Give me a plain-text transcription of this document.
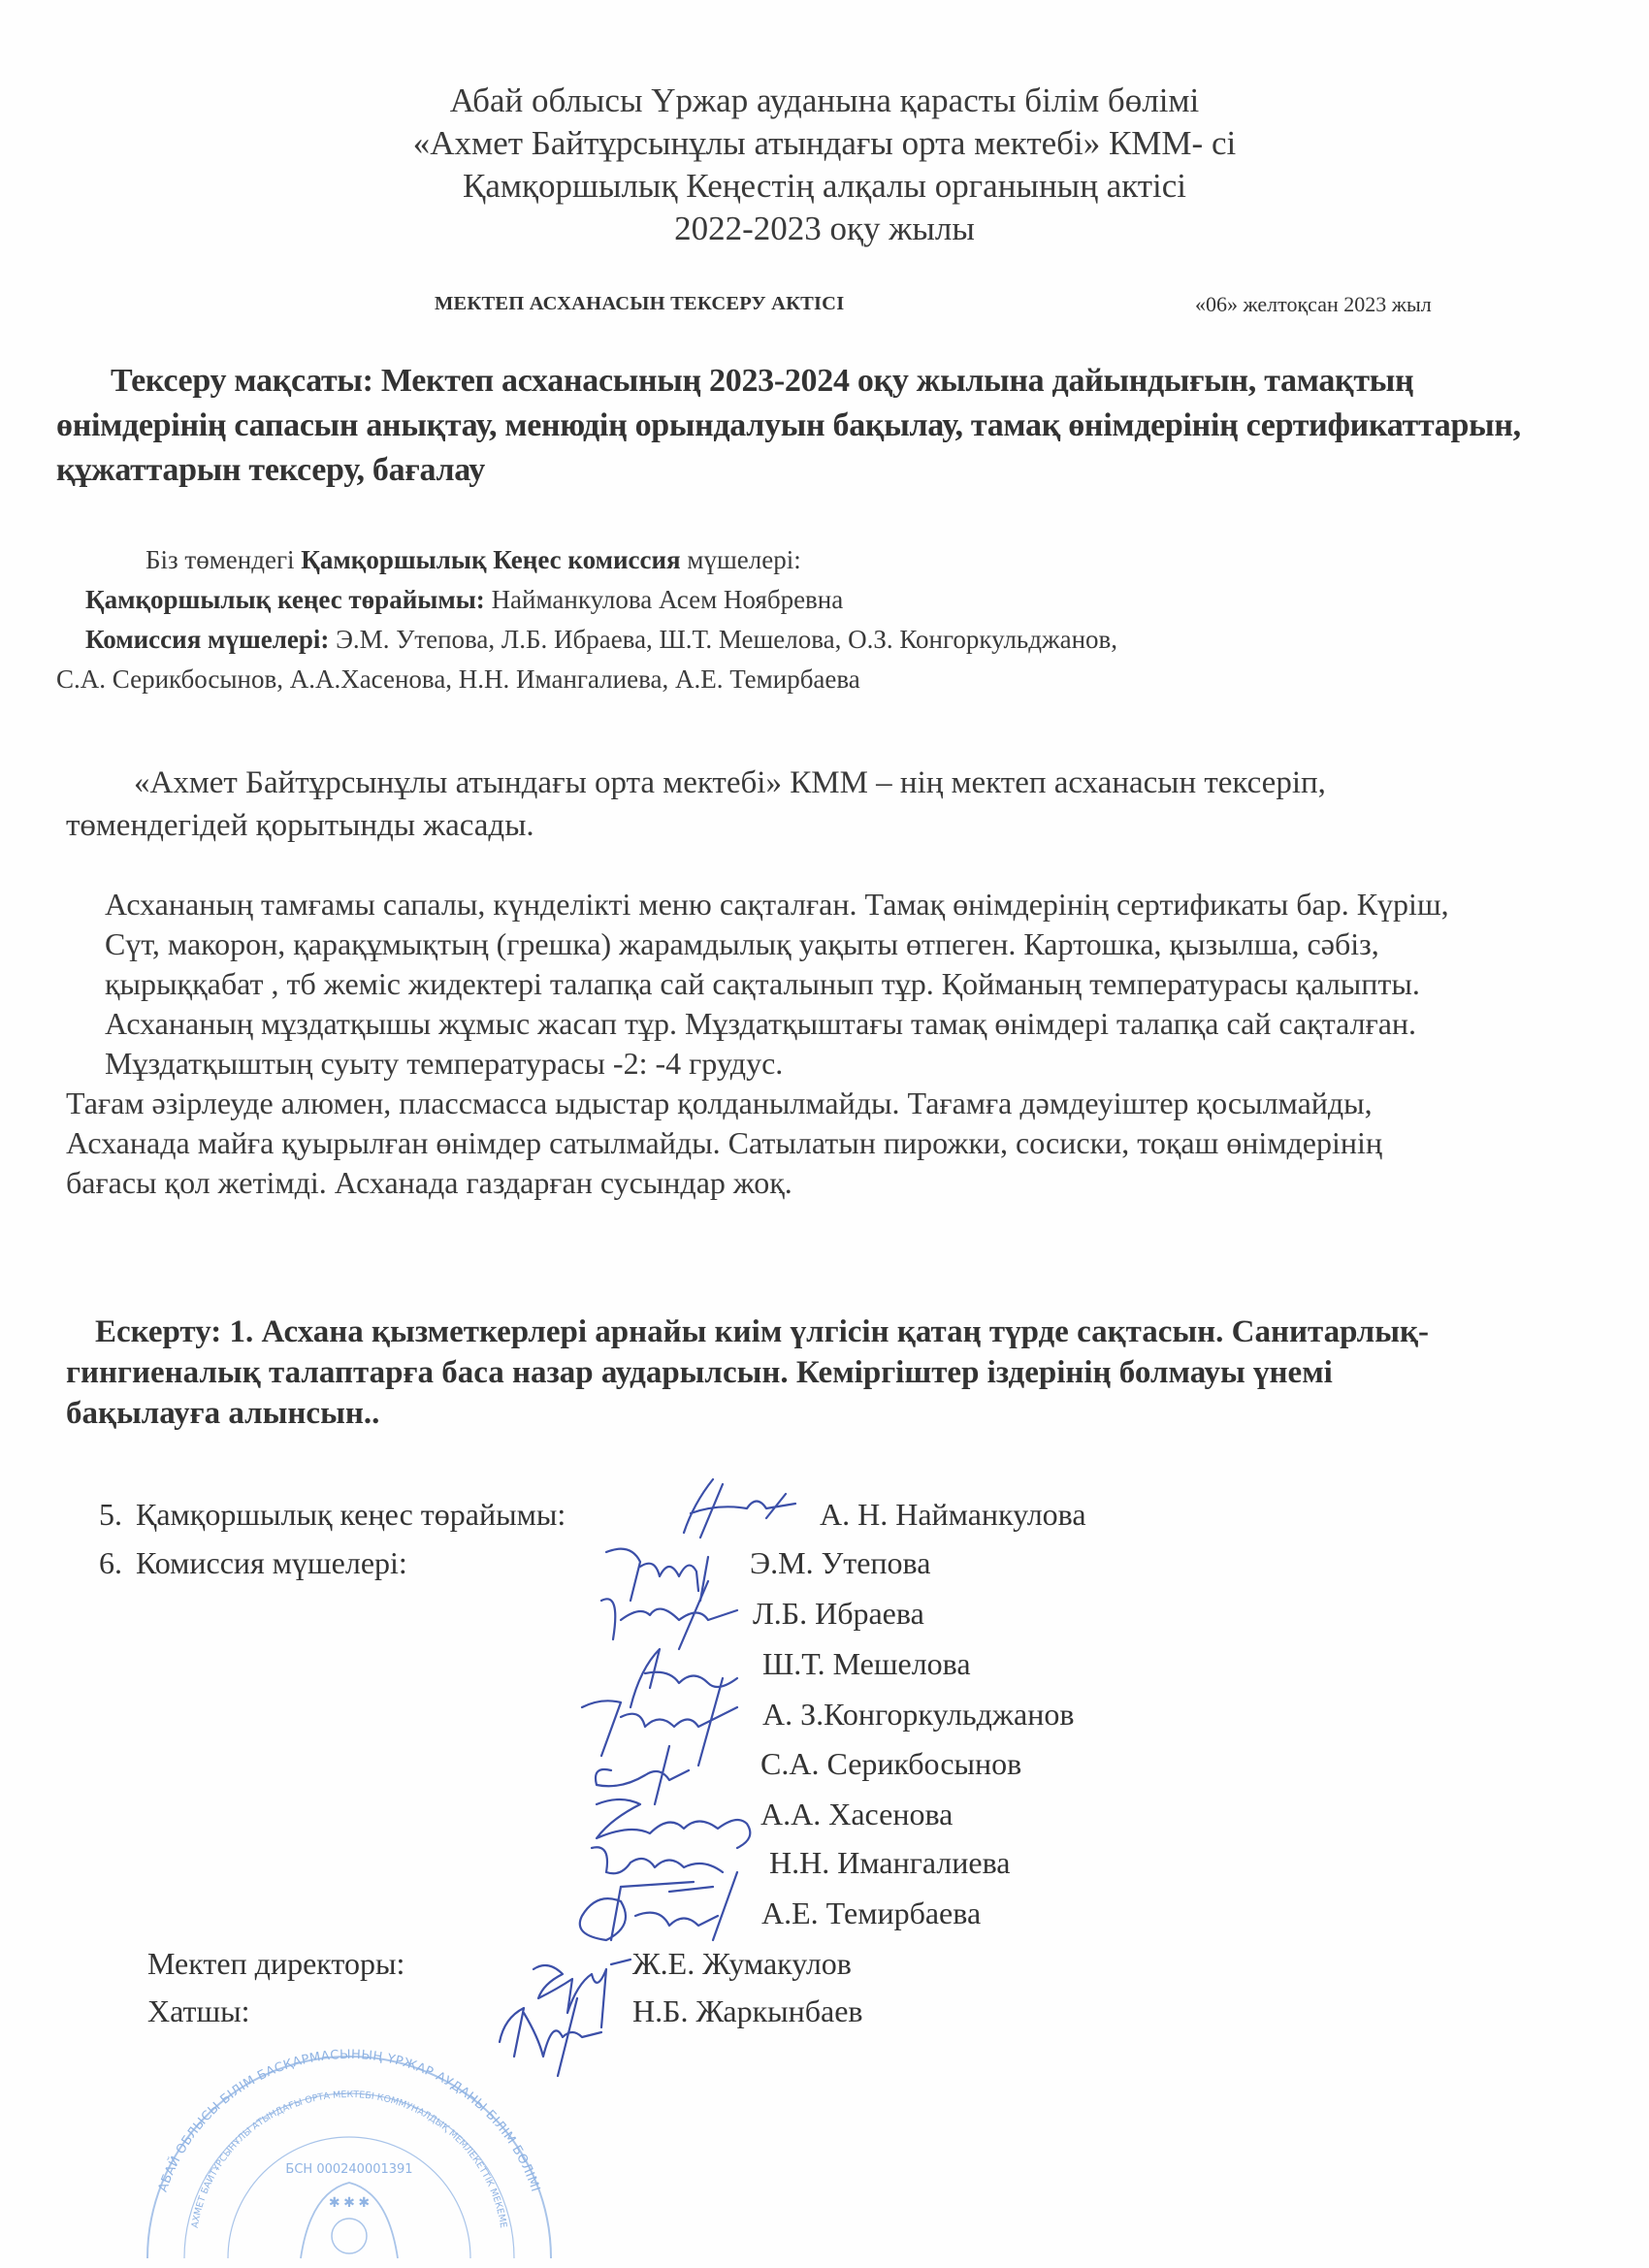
Абай облысы Үржар ауданына қарасты білім бөлімі
«Ахмет Байтұрсынұлы атындағы орта мектебі» КММ- сі
Қамқоршылық Кеңестің алқалы органының актісі
2022-2023 оқу жылы
МЕКТЕП АСХАНАСЫН ТЕКСЕРУ АКТІСІ	«06» желтоқсан 2023 жыл
Тексеру мақсаты: Мектеп асханасының 2023-2024 оқу жылына дайындығын, тамақтың өнімдерінің сапасын анықтау, менюдің орындалуын бақылау, тамақ өнімдерінің сертификаттарын, құжаттарын тексеру, бағалау
Біз төмендегі Қамқоршылық Кеңес комиссия мүшелері:
Қамқоршылық кеңес төрайымы: Найманкулова Асем Ноябревна
Комиссия мүшелері: Э.М. Утепова, Л.Б. Ибраева, Ш.Т. Мешелова, О.З. Конгоркульджанов,
С.А. Серикбосынов, А.А.Хасенова, Н.Н. Имангалиева, А.Е. Темирбаева
«Ахмет Байтұрсынұлы атындағы орта мектебі» КММ – нің мектеп асханасын тексеріп, төмендегідей қорытынды жасады.
Асхананың тамғамы сапалы, күнделікті меню сақталған. Тамақ өнімдерінің сертификаты бар. Күріш, Сүт, макорон, қарақұмықтың (грешка) жарамдылық уақыты өтпеген. Картошка, қызылша, сәбіз, қырыққабат , тб жеміс жидектері талапқа сай сақталынып тұр. Қойманың температурасы қалыпты. Асхананың мұздатқышы жұмыс жасап тұр. Мұздатқыштағы тамақ өнімдері талапқа сай сақталған. Мұздатқыштың суыту температурасы -2: -4 грудус.
Тағам әзірлеуде алюмен, плассмасса ыдыстар қолданылмайды. Тағамға дәмдеуіштер қосылмайды, Асханада майға қуырылған өнімдер сатылмайды. Сатылатын пирожки, сосиски, тоқаш өнімдерінің бағасы қол жетімді. Асханада газдарған сусындар жоқ.
Ескерту: 1. Асхана қызметкерлері арнайы киім үлгісін қатаң түрде сақтасын. Санитарлық- гингиеналық талаптарға баса назар аударылсын. Кеміргіштер іздерінің болмауы үнемі бақылауға алынсын..
АБАЙ ОБЛЫСЫ БІЛІМ БАСҚАРМАСЫНЫҢ ҮРЖАР АУДАНЫ БІЛІМ БӨЛІМІ
АХМЕТ БАЙТҰРСЫНҰЛЫ АТЫНДАҒЫ ОРТА МЕКТЕБІ КОММУНАЛДЫҚ МЕМЛЕКЕТТІК МЕКЕМЕ
БСН 000240001391
✱ ✱ ✱
5. Қамқоршылық кеңес төрайымы:	А. Н. Найманкулова
6. Комиссия мүшелері:	Э.М. Утепова
Л.Б. Ибраева
Ш.Т. Мешелова
А. З.Конгоркульджанов
С.А. Серикбосынов
А.А. Хасенова
Н.Н. Имангалиева
А.Е. Темирбаева
Мектеп директоры:	Ж.Е. Жумакулов
Хатшы:	Н.Б. Жаркынбаев
